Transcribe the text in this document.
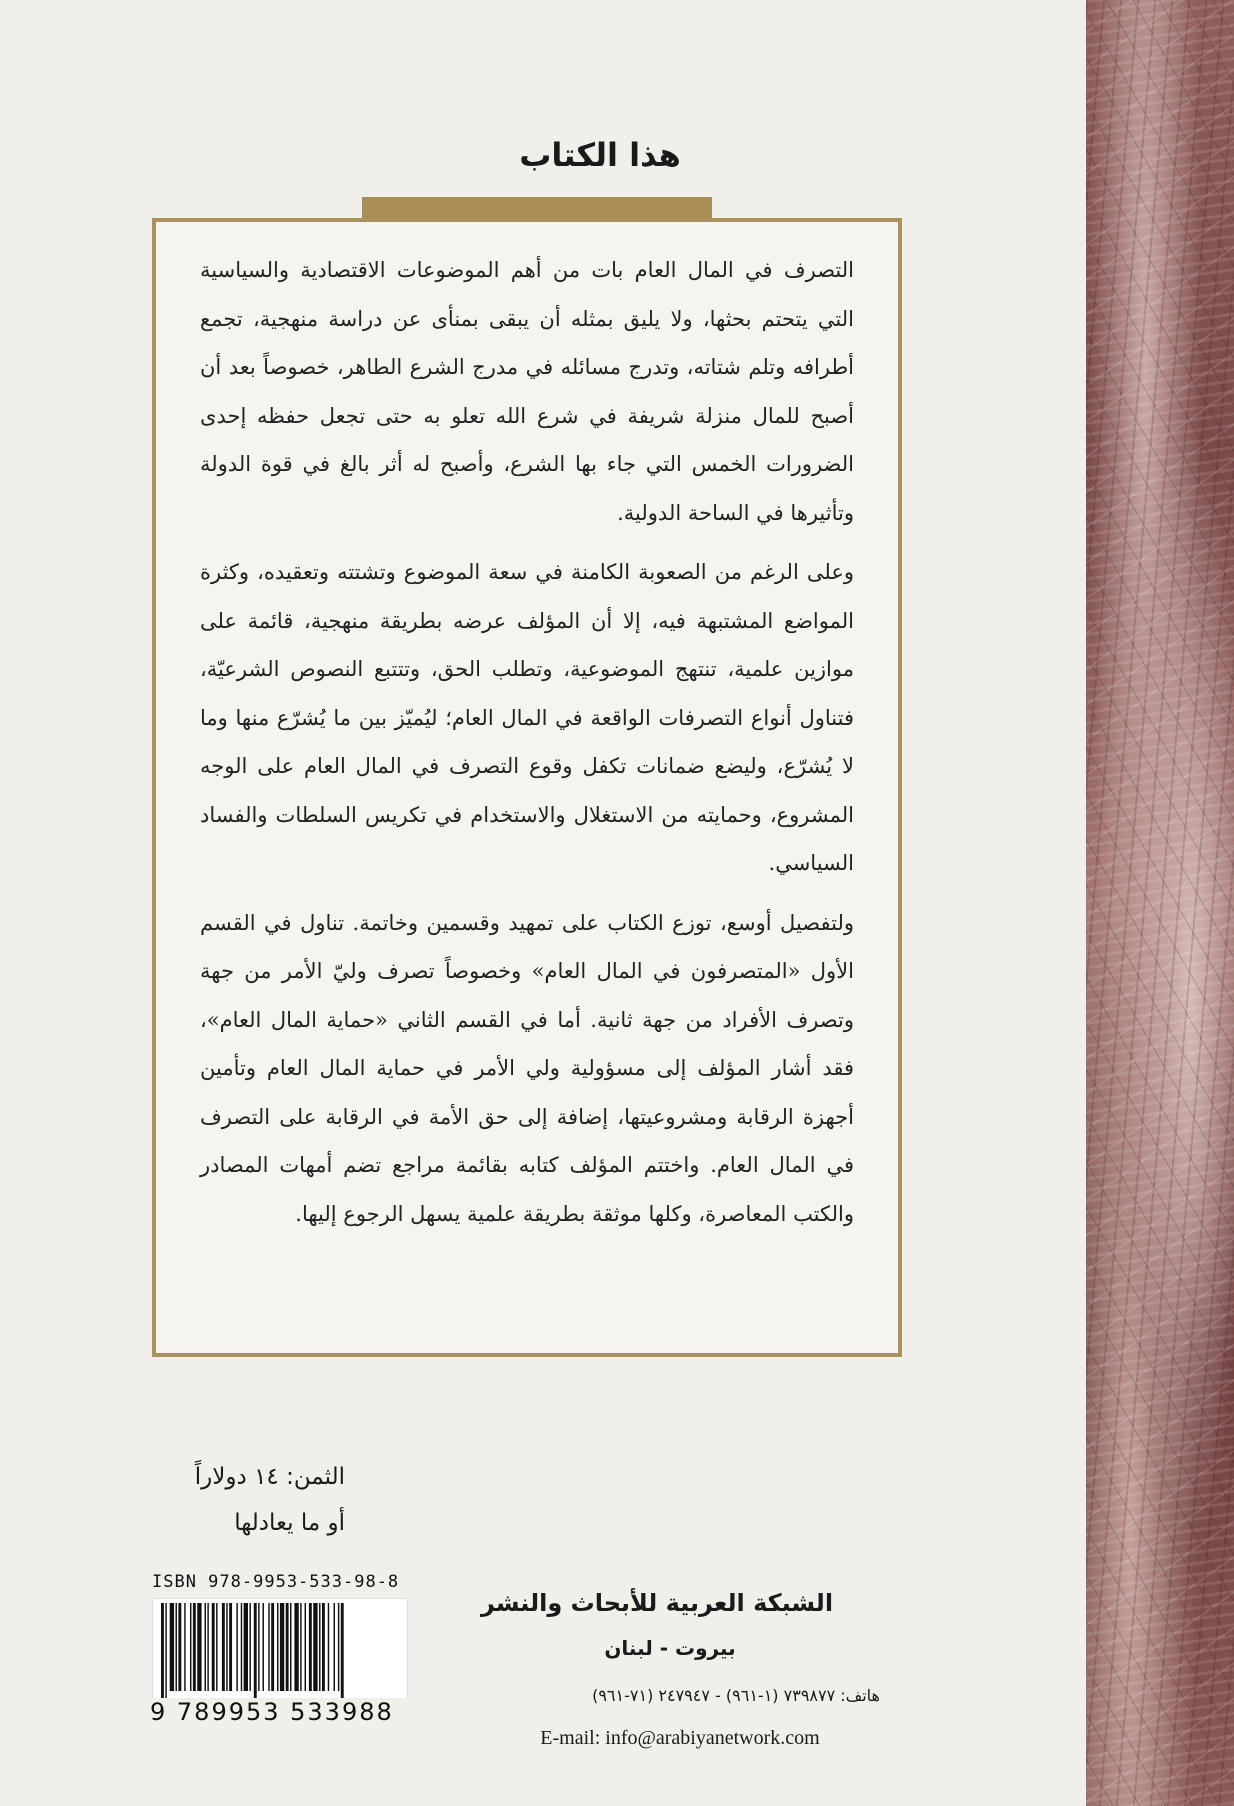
هذا الكتاب

التصرف في المال العام بات من أهم الموضوعات الاقتصادية والسياسية التي يتحتم بحثها، ولا يليق بمثله أن يبقى بمنأى عن دراسة منهجية، تجمع أطرافه وتلم شتاته، وتدرج مسائله في مدرج الشرع الطاهر، خصوصاً بعد أن أصبح للمال منزلة شريفة في شرع الله تعلو به حتى تجعل حفظه إحدى الضرورات الخمس التي جاء بها الشرع، وأصبح له أثر بالغ في قوة الدولة وتأثيرها في الساحة الدولية.

وعلى الرغم من الصعوبة الكامنة في سعة الموضوع وتشتته وتعقيده، وكثرة المواضع المشتبهة فيه، إلا أن المؤلف عرضه بطريقة منهجية، قائمة على موازين علمية، تنتهج الموضوعية، وتطلب الحق، وتتتبع النصوص الشرعيّة، فتناول أنواع التصرفات الواقعة في المال العام؛ ليُميّز بين ما يُشرّع منها وما لا يُشرّع، وليضع ضمانات تكفل وقوع التصرف في المال العام على الوجه المشروع، وحمايته من الاستغلال والاستخدام في تكريس السلطات والفساد السياسي.

ولتفصيل أوسع، توزع الكتاب على تمهيد وقسمين وخاتمة. تناول في القسم الأول «المتصرفون في المال العام» وخصوصاً تصرف وليّ الأمر من جهة وتصرف الأفراد من جهة ثانية. أما في القسم الثاني «حماية المال العام»، فقد أشار المؤلف إلى مسؤولية ولي الأمر في حماية المال العام وتأمين أجهزة الرقابة ومشروعيتها، إضافة إلى حق الأمة في الرقابة على التصرف في المال العام. واختتم المؤلف كتابه بقائمة مراجع تضم أمهات المصادر والكتب المعاصرة، وكلها موثقة بطريقة علمية يسهل الرجوع إليها.

الثمن: ١٤ دولاراً
أو ما يعادلها
ISBN 978-9953-533-98-8
9 789953 533988
الشبكة العربية للأبحاث والنشر
بيروت - لبنان
هاتف: ٧٣٩٨٧٧ (١-٩٦١) - ٢٤٧٩٤٧ (٧١-٩٦١)
E-mail: info@arabiyanetwork.com
